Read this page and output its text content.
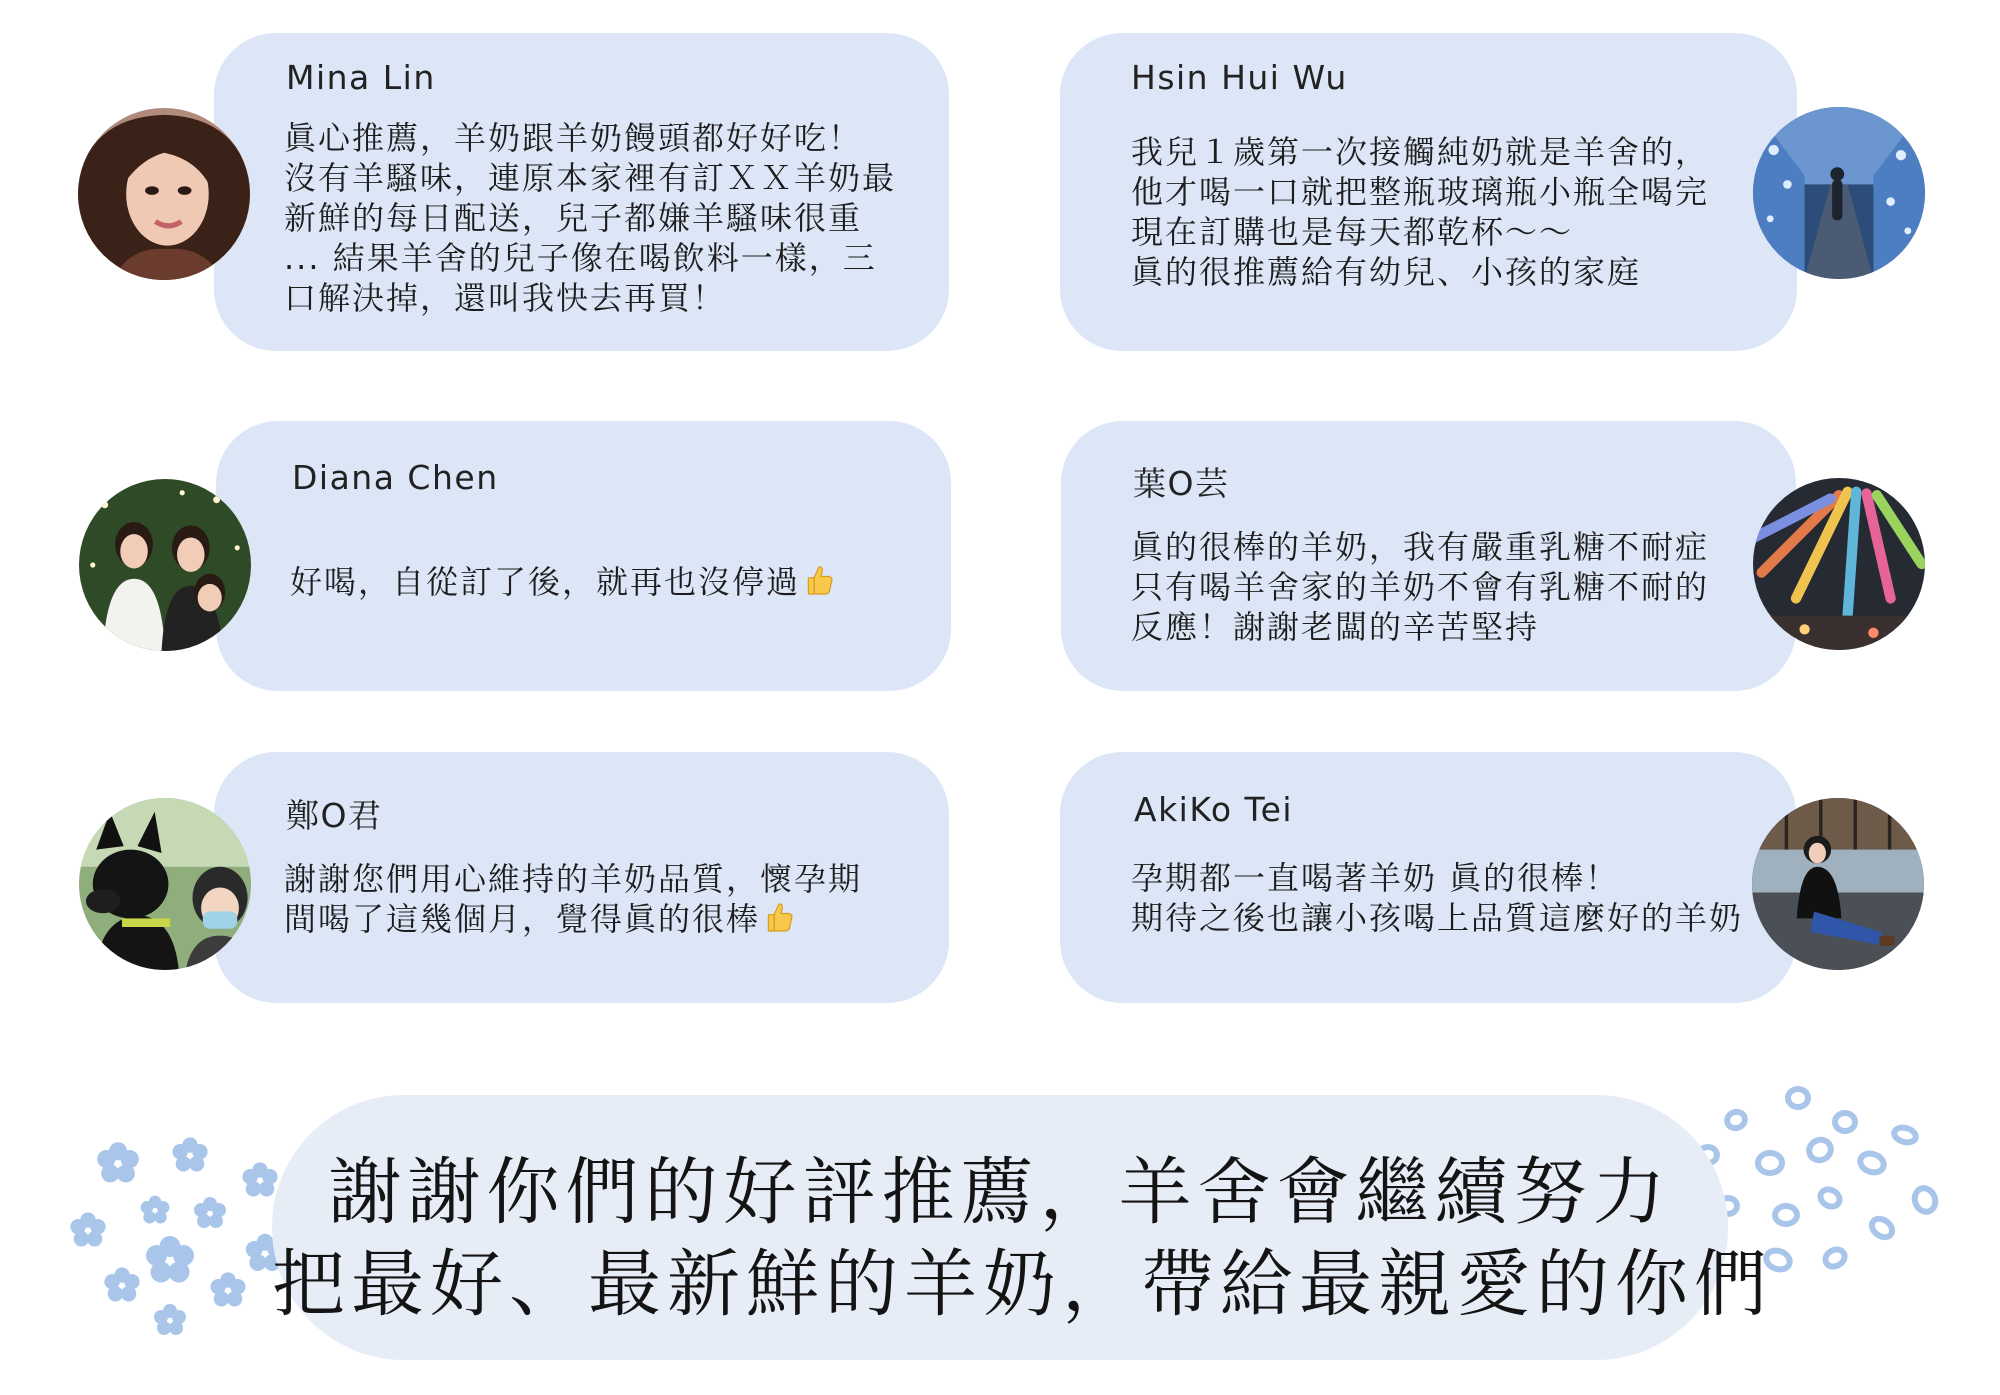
Mina Lin
眞心推薦，羊奶跟羊奶饅頭都好好吃！
沒有羊騷味，連原本家裡有訂ＸＸ羊奶最
新鮮的每日配送，兒子都嫌羊騷味很重
... 結果羊舍的兒子像在喝飲料一樣，三
口解決掉，還叫我快去再買！
Hsin Hui Wu
我兒１歲第一次接觸純奶就是羊舍的，
他才喝一口就把整瓶玻璃瓶小瓶全喝完
現在訂購也是每天都乾杯～～
眞的很推薦給有幼兒、小孩的家庭
Diana Chen
好喝，自從訂了後，就再也沒停過
葉O芸
眞的很棒的羊奶，我有嚴重乳糖不耐症
只有喝羊舍家的羊奶不會有乳糖不耐的
反應！謝謝老闆的辛苦堅持
鄭O君
謝謝您們用心維持的羊奶品質，懷孕期
間喝了這幾個月，覺得眞的很棒
AkiKo Tei
孕期都一直喝著羊奶 眞的很棒！
期待之後也讓小孩喝上品質這麼好的羊奶
謝謝你們的好評推薦，羊舍會繼續努力
把最好、最新鮮的羊奶，帶給最親愛的你們
